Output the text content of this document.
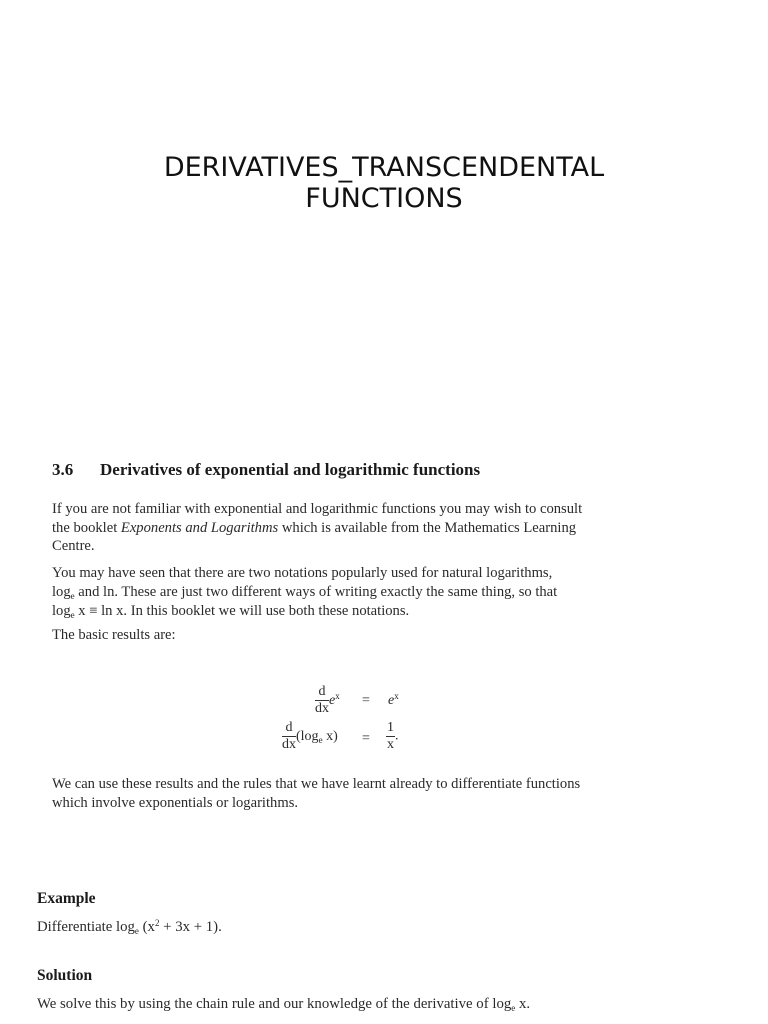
DERIVATIVES_TRANSCENDENTAL
FUNCTIONS
3.6 Derivatives of exponential and logarithmic functions

If you are not familiar with exponential and logarithmic functions you may wish to consult
the booklet Exponents and Logarithms which is available from the Mathematics Learning
Centre.

You may have seen that there are two notations popularly used for natural logarithms,
$\log_e$ and ln. These are just two different ways of writing exactly the same thing, so that
$\log_e x \equiv \ln x$. In this booklet we will use both these notations.

The basic results are:

$\frac{d}{dx} e^x = e^x$
$\frac{d}{dx} (\log_e$ $x) = \frac{1}{x}$ .

We can use these results and the rules that we have learnt already to differentiate functions
which involve exponentials or logarithms.

Example
Differentiate $\log_e (x^2 + 3x + 1)$.
Solution
We solve this by using the chain rule and our knowledge of the derivative of $\log_e x$.
